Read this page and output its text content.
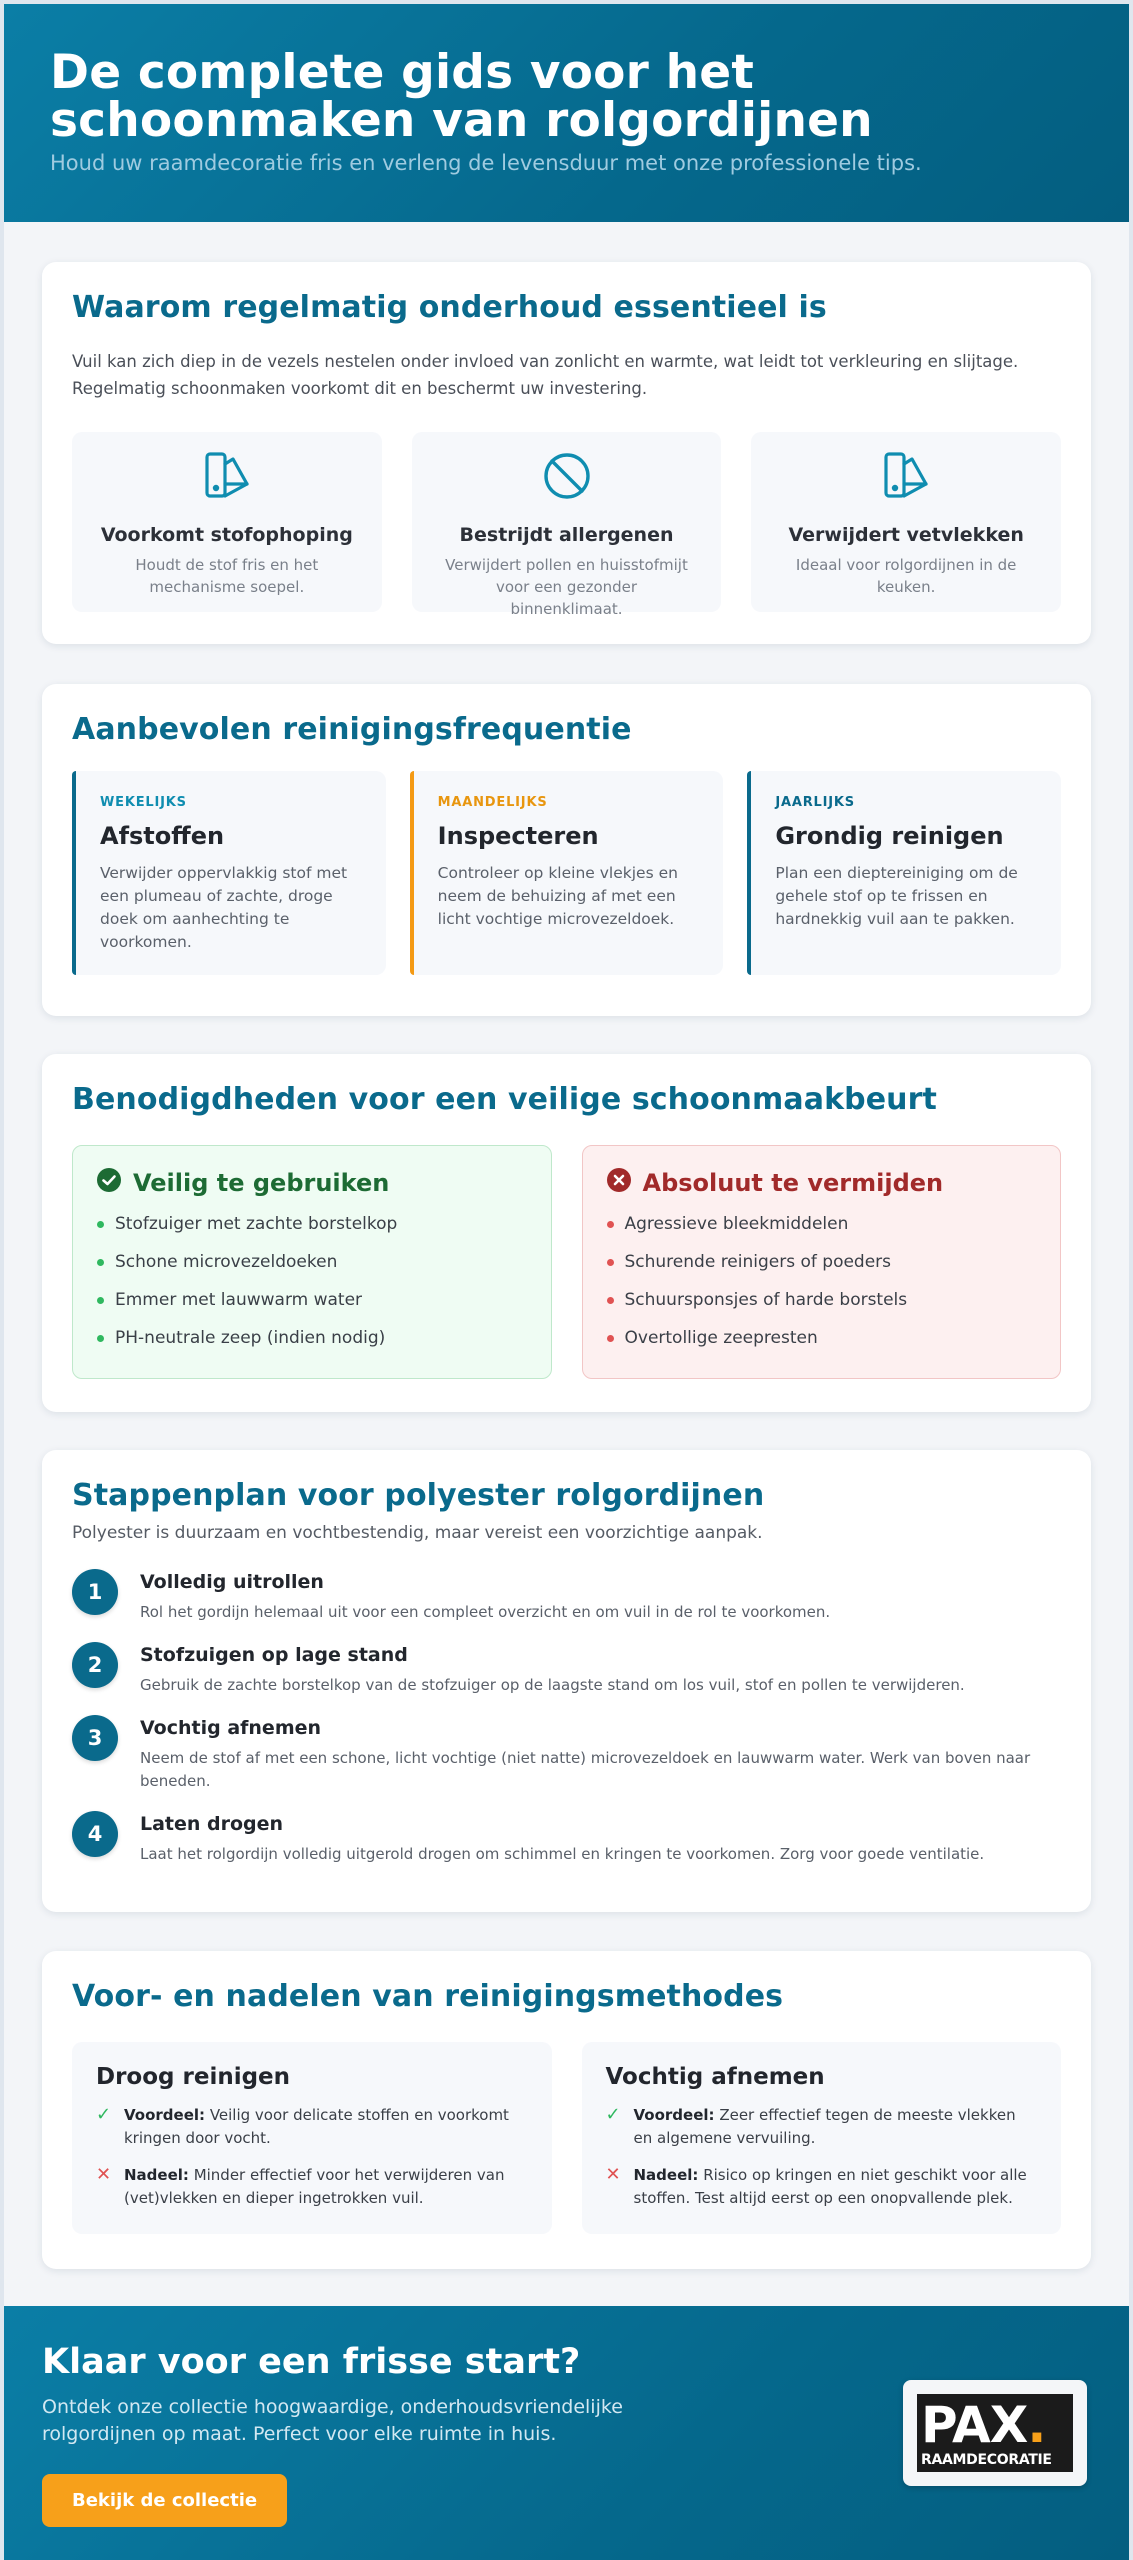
De complete gids voor het schoonmaken van rolgordijnen

Houd uw raamdecoratie fris en verleng de levensduur met onze professionele tips.

Waarom regelmatig onderhoud essentieel is

Vuil kan zich diep in de vezels nestelen onder invloed van zonlicht en warmte, wat leidt tot verkleuring en slijtage. Regelmatig schoonmaken voorkomt dit en beschermt uw investering.

Voorkomt stofophoping

Houdt de stof fris en het mechanisme soepel.

Bestrijdt allergenen

Verwijdert pollen en huisstofmijt voor een gezonder binnenklimaat.

Verwijdert vetvlekken

Ideaal voor rolgordijnen in de keuken.

Aanbevolen reinigingsfrequentie
WEKELIJKS
Afstoffen

Verwijder oppervlakkig stof met een plumeau of zachte, droge doek om aanhechting te voorkomen.

MAANDELIJKS
Inspecteren

Controleer op kleine vlekjes en neem de behuizing af met een licht vochtige microvezeldoek.

JAARLIJKS
Grondig reinigen

Plan een dieptereiniging om de gehele stof op te frissen en hardnekkig vuil aan te pakken.

Benodigdheden voor een veilige schoonmaakbeurt
Veilig te gebruiken
Stofzuiger met zachte borstelkop
Schone microvezeldoeken
Emmer met lauwwarm water
PH-neutrale zeep (indien nodig)
Absoluut te vermijden
Agressieve bleekmiddelen
Schurende reinigers of poeders
Schuursponsjes of harde borstels
Overtollige zeepresten
Stappenplan voor polyester rolgordijnen

Polyester is duurzaam en vochtbestendig, maar vereist een voorzichtige aanpak.

1	Volledig uitrollen

Rol het gordijn helemaal uit voor een compleet overzicht en om vuil in de rol te voorkomen.

2	Stofzuigen op lage stand

Gebruik de zachte borstelkop van de stofzuiger op de laagste stand om los vuil, stof en pollen te verwijderen.

3	Vochtig afnemen

Neem de stof af met een schone, licht vochtige (niet natte) microvezeldoek en lauwwarm water. Werk van boven naar beneden.

4	Laten drogen

Laat het rolgordijn volledig uitgerold drogen om schimmel en kringen te voorkomen. Zorg voor goede ventilatie.

Voor- en nadelen van reinigingsmethodes
Droog reinigen
✓ Voordeel: Veilig voor delicate stoffen en voorkomt kringen door vocht.
✕ Nadeel: Minder effectief voor het verwijderen van (vet)vlekken en dieper ingetrokken vuil.
Vochtig afnemen
✓ Voordeel: Zeer effectief tegen de meeste vlekken en algemene vervuiling.
✕ Nadeel: Risico op kringen en niet geschikt voor alle stoffen. Test altijd eerst op een onopvallende plek.
Klaar voor een frisse start?

Ontdek onze collectie hoogwaardige, onderhoudsvriendelijke rolgordijnen op maat. Perfect voor elke ruimte in huis.

Bekijk de collectie
PAX.
RAAMDECORATIE
